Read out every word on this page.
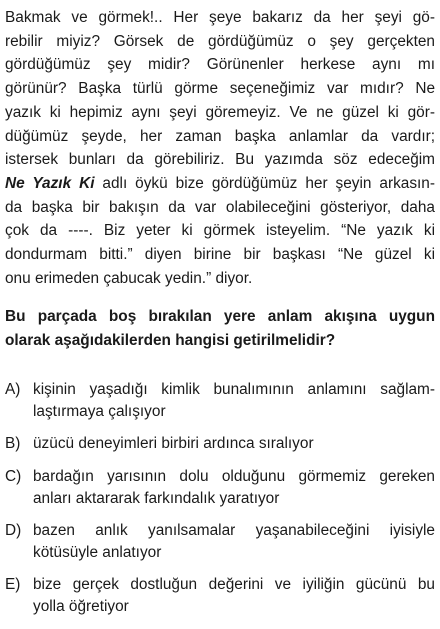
Bakmak ve görmek!.. Her şeye bakarız da her şeyi gö-
rebilir miyiz? Görsek de gördüğümüz o şey gerçekten
gördüğümüz şey midir? Görünenler herkese aynı mı
görünür? Başka türlü görme seçeneğimiz var mıdır? Ne
yazık ki hepimiz aynı şeyi göremeyiz. Ve ne güzel ki gör-
düğümüz şeyde, her zaman başka anlamlar da vardır;
istersek bunları da görebiliriz. Bu yazımda söz edeceğim
Ne Yazık Ki adlı öykü bize gördüğümüz her şeyin arkasın-
da başka bir bakışın da var olabileceğini gösteriyor, daha
çok da ----. Biz yeter ki görmek isteyelim. “Ne yazık ki
dondurmam bitti.” diyen birine bir başkası “Ne güzel ki
onu erimeden çabucak yedin.” diyor.

Bu parçada boş bırakılan yere anlam akışına uygun
olarak aşağıdakilerden hangisi getirilmelidir?

A) kişinin yaşadığı kimlik bunalımının anlamını sağlam-
laştırmaya çalışıyor
B) üzücü deneyimleri birbiri ardınca sıralıyor
C) bardağın yarısının dolu olduğunu görmemiz gereken
anları aktararak farkındalık yaratıyor
D) bazen anlık yanılsamalar yaşanabileceğini iyisiyle
kötüsüyle anlatıyor
E) bize gerçek dostluğun değerini ve iyiliğin gücünü bu
yolla öğretiyor
